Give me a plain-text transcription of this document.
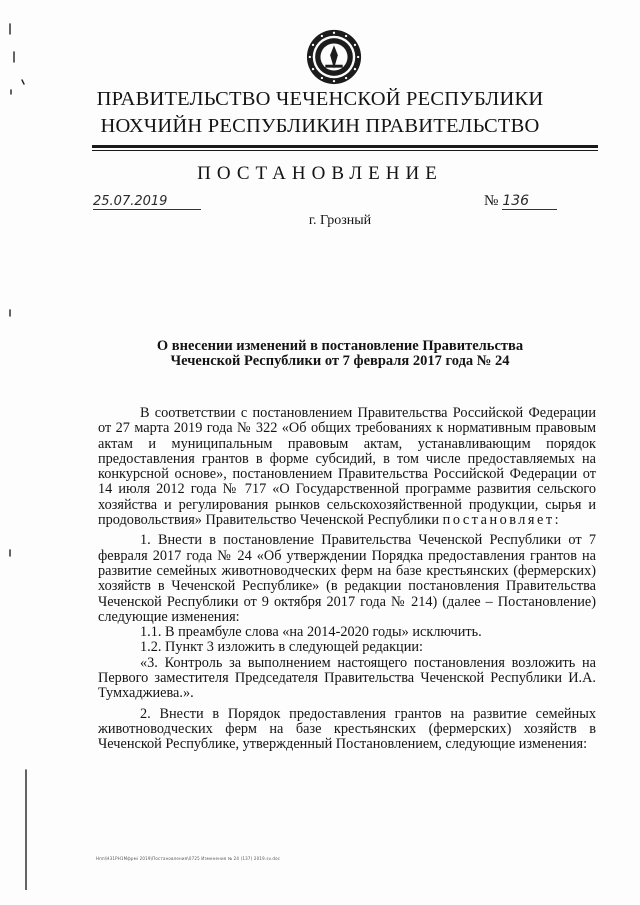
ПРАВИТЕЛЬСТВО ЧЕЧЕНСКОЙ РЕСПУБЛИКИ
НОХЧИЙН РЕСПУБЛИКИН ПРАВИТЕЛЬСТВО
ПОСТАНОВЛЕНИЕ
25.07.2019	№ 136
г. Грозный
О внесении изменений в постановление Правительства
Чеченской Республики от 7 февраля 2017 года № 24

В соответствии с постановлением Правительства Российской Федерации от 27 марта 2019 года № 322 «Об общих требованиях к нормативным правовым актам и муниципальным правовым актам, устанавливающим порядок предоставления грантов в форме субсидий, в том числе предоставляемых на конкурсной основе», постановлением Правительства Российской Федерации от 14 июля 2012 года № 717 «О Государственной программе развития сельского хозяйства и регулирования рынков сельскохозяйственной продукции, сырья и продовольствия» Правительство Чеченской Республики постановляет:

1. Внести в постановление Правительства Чеченской Республики от 7 февраля 2017 года № 24 «Об утверждении Порядка предоставления грантов на развитие семейных животноводческих ферм на базе крестьянских (фермерских) хозяйств в Чеченской Республике» (в редакции постановления Правительства Чеченской Республики от 9 октября 2017 года № 214) (далее – Постановление) следующие изменения:

1.1. В преамбуле слова «на 2014-2020 годы» исключить.

1.2. Пункт 3 изложить в следующей редакции:

«3. Контроль за выполнением настоящего постановления возложить на Первого заместителя Председателя Правительства Чеченской Республики И.А. Тумхаджиева.».

2. Внести в Порядок предоставления грантов на развитие семейных животноводческих ферм на базе крестьянских (фермерских) хозяйств в Чеченской Республике, утвержденный Постановлением, следующие изменения:

Нпп\Н31РН1Мфрмi 2019\Постановления\0725 Изменения № 24 (137) 2019.sv.doc
